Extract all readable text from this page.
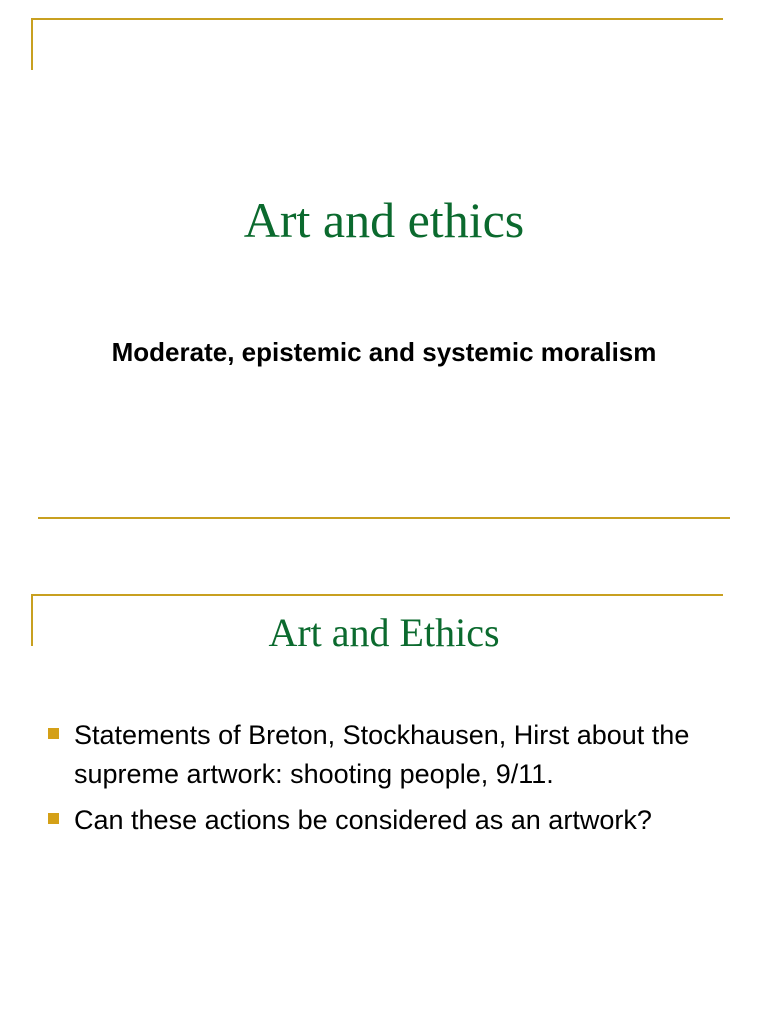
Art and ethics

Moderate, epistemic and systemic moralism

Art and Ethics
Statements of Breton, Stockhausen, Hirst about the supreme artwork: shooting people, 9/11.
Can these actions be considered as an artwork?
